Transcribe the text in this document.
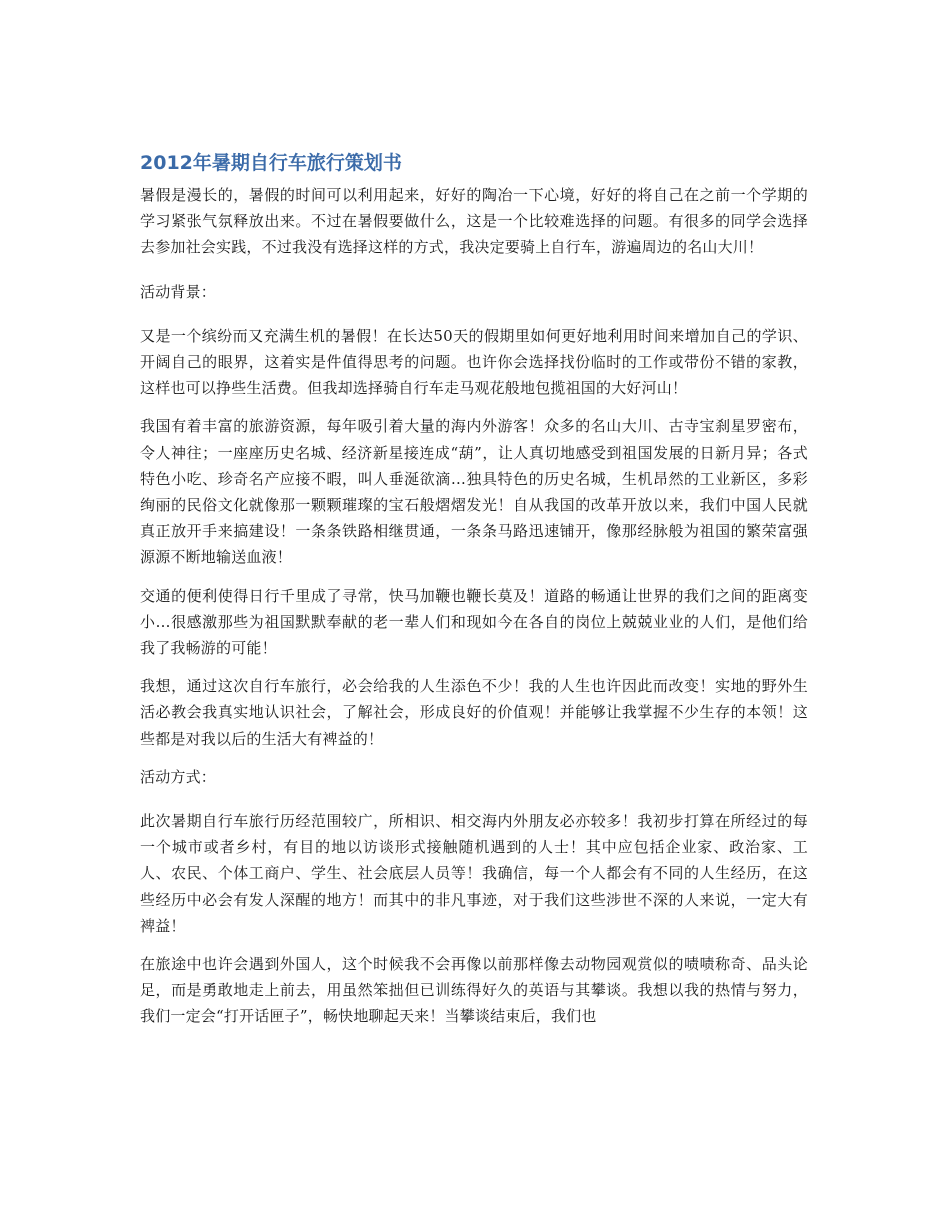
2012年暑期自行车旅行策划书

暑假是漫长的，暑假的时间可以利用起来，好好的陶冶一下心境，好好的将自己在之前一个学期的学习紧张气氛释放出来。不过在暑假要做什么，这是一个比较难选择的问题。有很多的同学会选择去参加社会实践，不过我没有选择这样的方式，我决定要骑上自行车，游遍周边的名山大川！

活动背景：

又是一个缤纷而又充满生机的暑假！在长达50天的假期里如何更好地利用时间来增加自己的学识、开阔自己的眼界，这着实是件值得思考的问题。也许你会选择找份临时的工作或带份不错的家教，这样也可以挣些生活费。但我却选择骑自行车走马观花般地包揽祖国的大好河山！

我国有着丰富的旅游资源，每年吸引着大量的海内外游客！众多的名山大川、古寺宝刹星罗密布，令人神往；一座座历史名城、经济新星接连成“葫”，让人真切地感受到祖国发展的日新月异；各式特色小吃、珍奇名产应接不暇，叫人垂涎欲滴…独具特色的历史名城，生机昂然的工业新区，多彩绚丽的民俗文化就像那一颗颗璀璨的宝石般熠熠发光！自从我国的改革开放以来，我们中国人民就真正放开手来搞建设！一条条铁路相继贯通，一条条马路迅速铺开，像那经脉般为祖国的繁荣富强源源不断地输送血液！

交通的便利使得日行千里成了寻常，快马加鞭也鞭长莫及！道路的畅通让世界的我们之间的距离变小…很感激那些为祖国默默奉献的老一辈人们和现如今在各自的岗位上兢兢业业的人们，是他们给我了我畅游的可能！

我想，通过这次自行车旅行，必会给我的人生添色不少！我的人生也许因此而改变！实地的野外生活必教会我真实地认识社会，了解社会，形成良好的价值观！并能够让我掌握不少生存的本领！这些都是对我以后的生活大有裨益的！

活动方式：

此次暑期自行车旅行历经范围较广，所相识、相交海内外朋友必亦较多！我初步打算在所经过的每一个城市或者乡村，有目的地以访谈形式接触随机遇到的人士！其中应包括企业家、政治家、工人、农民、个体工商户、学生、社会底层人员等！我确信，每一个人都会有不同的人生经历，在这些经历中必会有发人深醒的地方！而其中的非凡事迹，对于我们这些涉世不深的人来说，一定大有裨益！

在旅途中也许会遇到外国人，这个时候我不会再像以前那样像去动物园观赏似的啧啧称奇、品头论足，而是勇敢地走上前去，用虽然笨拙但已训练得好久的英语与其攀谈。我想以我的热情与努力，我们一定会“打开话匣子”，畅快地聊起天来！当攀谈结束后，我们也
